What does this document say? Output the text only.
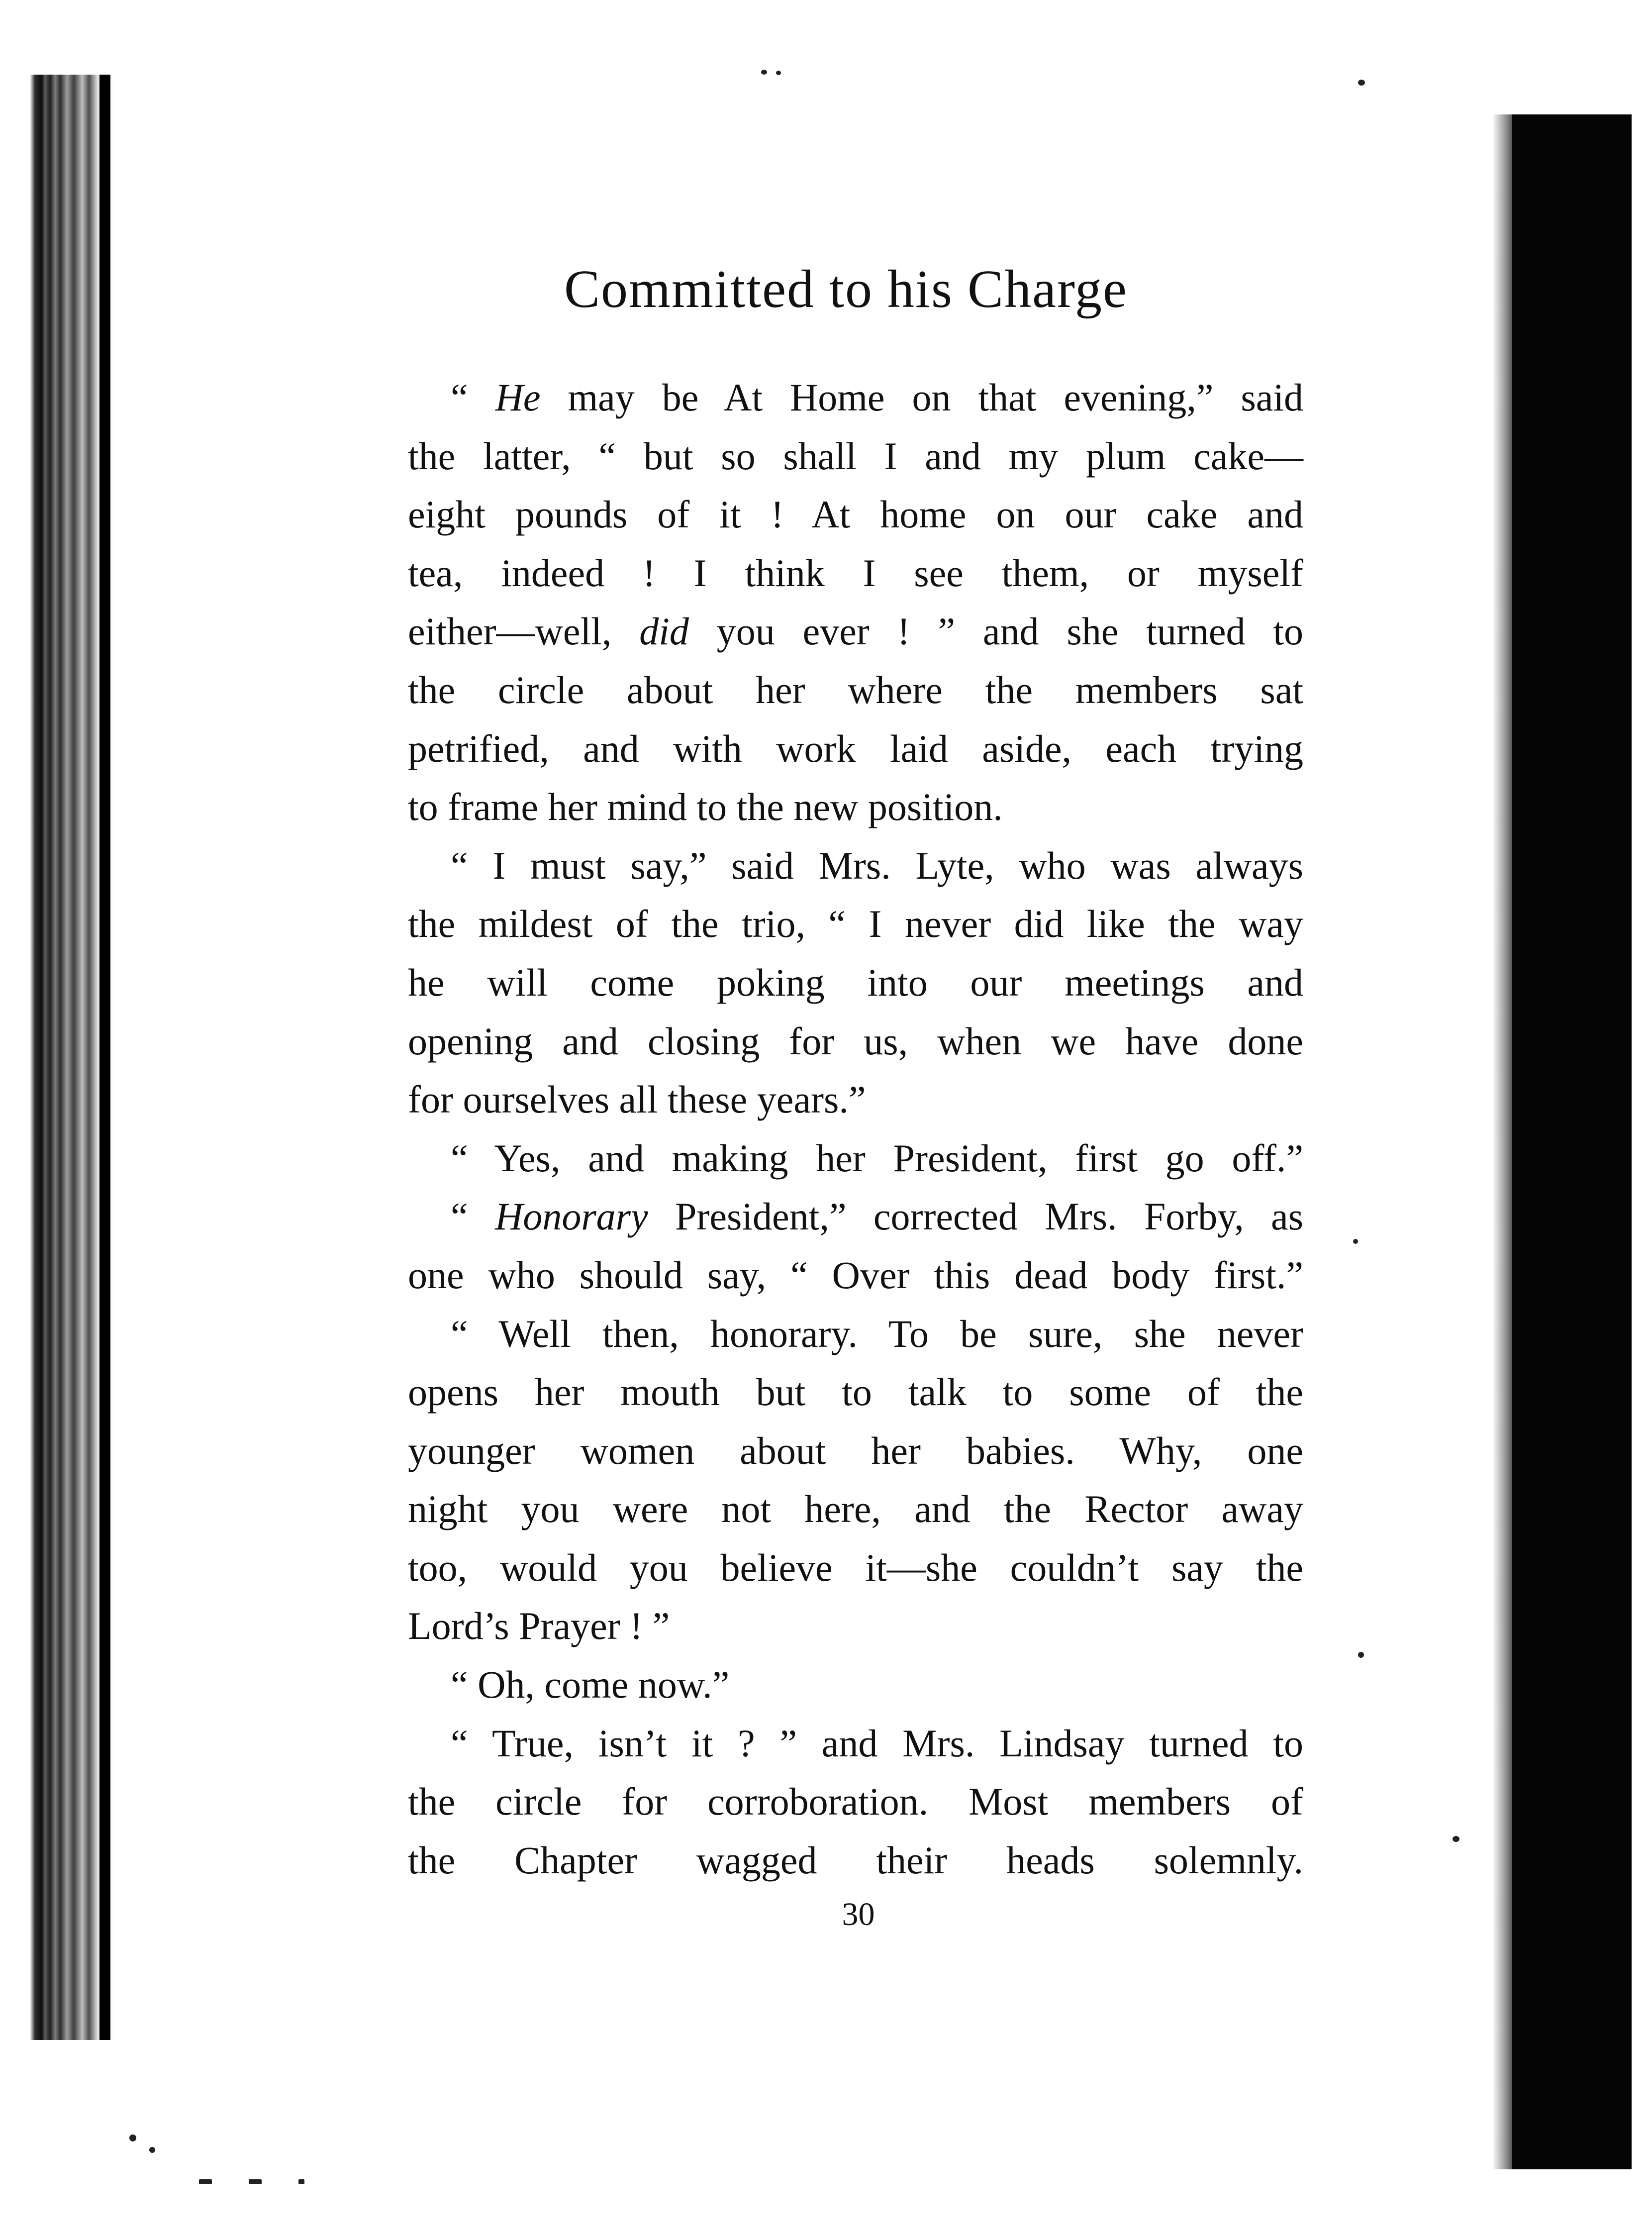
Committed to his Charge
“ He may be At Home on that evening,” said
the latter, “ but so shall I and my plum cake—
eight pounds of it ! At home on our cake and
tea, indeed ! I think I see them, or myself
either—well, did you ever ! ” and she turned to
the circle about her where the members sat
petrified, and with work laid aside, each trying
to frame her mind to the new position.
“ I must say,” said Mrs. Lyte, who was always
the mildest of the trio, “ I never did like the way
he will come poking into our meetings and
opening and closing for us, when we have done
for ourselves all these years.”
“ Yes, and making her President, first go off.”
“ Honorary President,” corrected Mrs. Forby, as
one who should say, “ Over this dead body first.”
“ Well then, honorary. To be sure, she never
opens her mouth but to talk to some of the
younger women about her babies. Why, one
night you were not here, and the Rector away
too, would you believe it—she couldn’t say the
Lord’s Prayer ! ”
“ Oh, come now.”
“ True, isn’t it ? ” and Mrs. Lindsay turned to
the circle for corroboration. Most members of
the Chapter wagged their heads solemnly.
30
